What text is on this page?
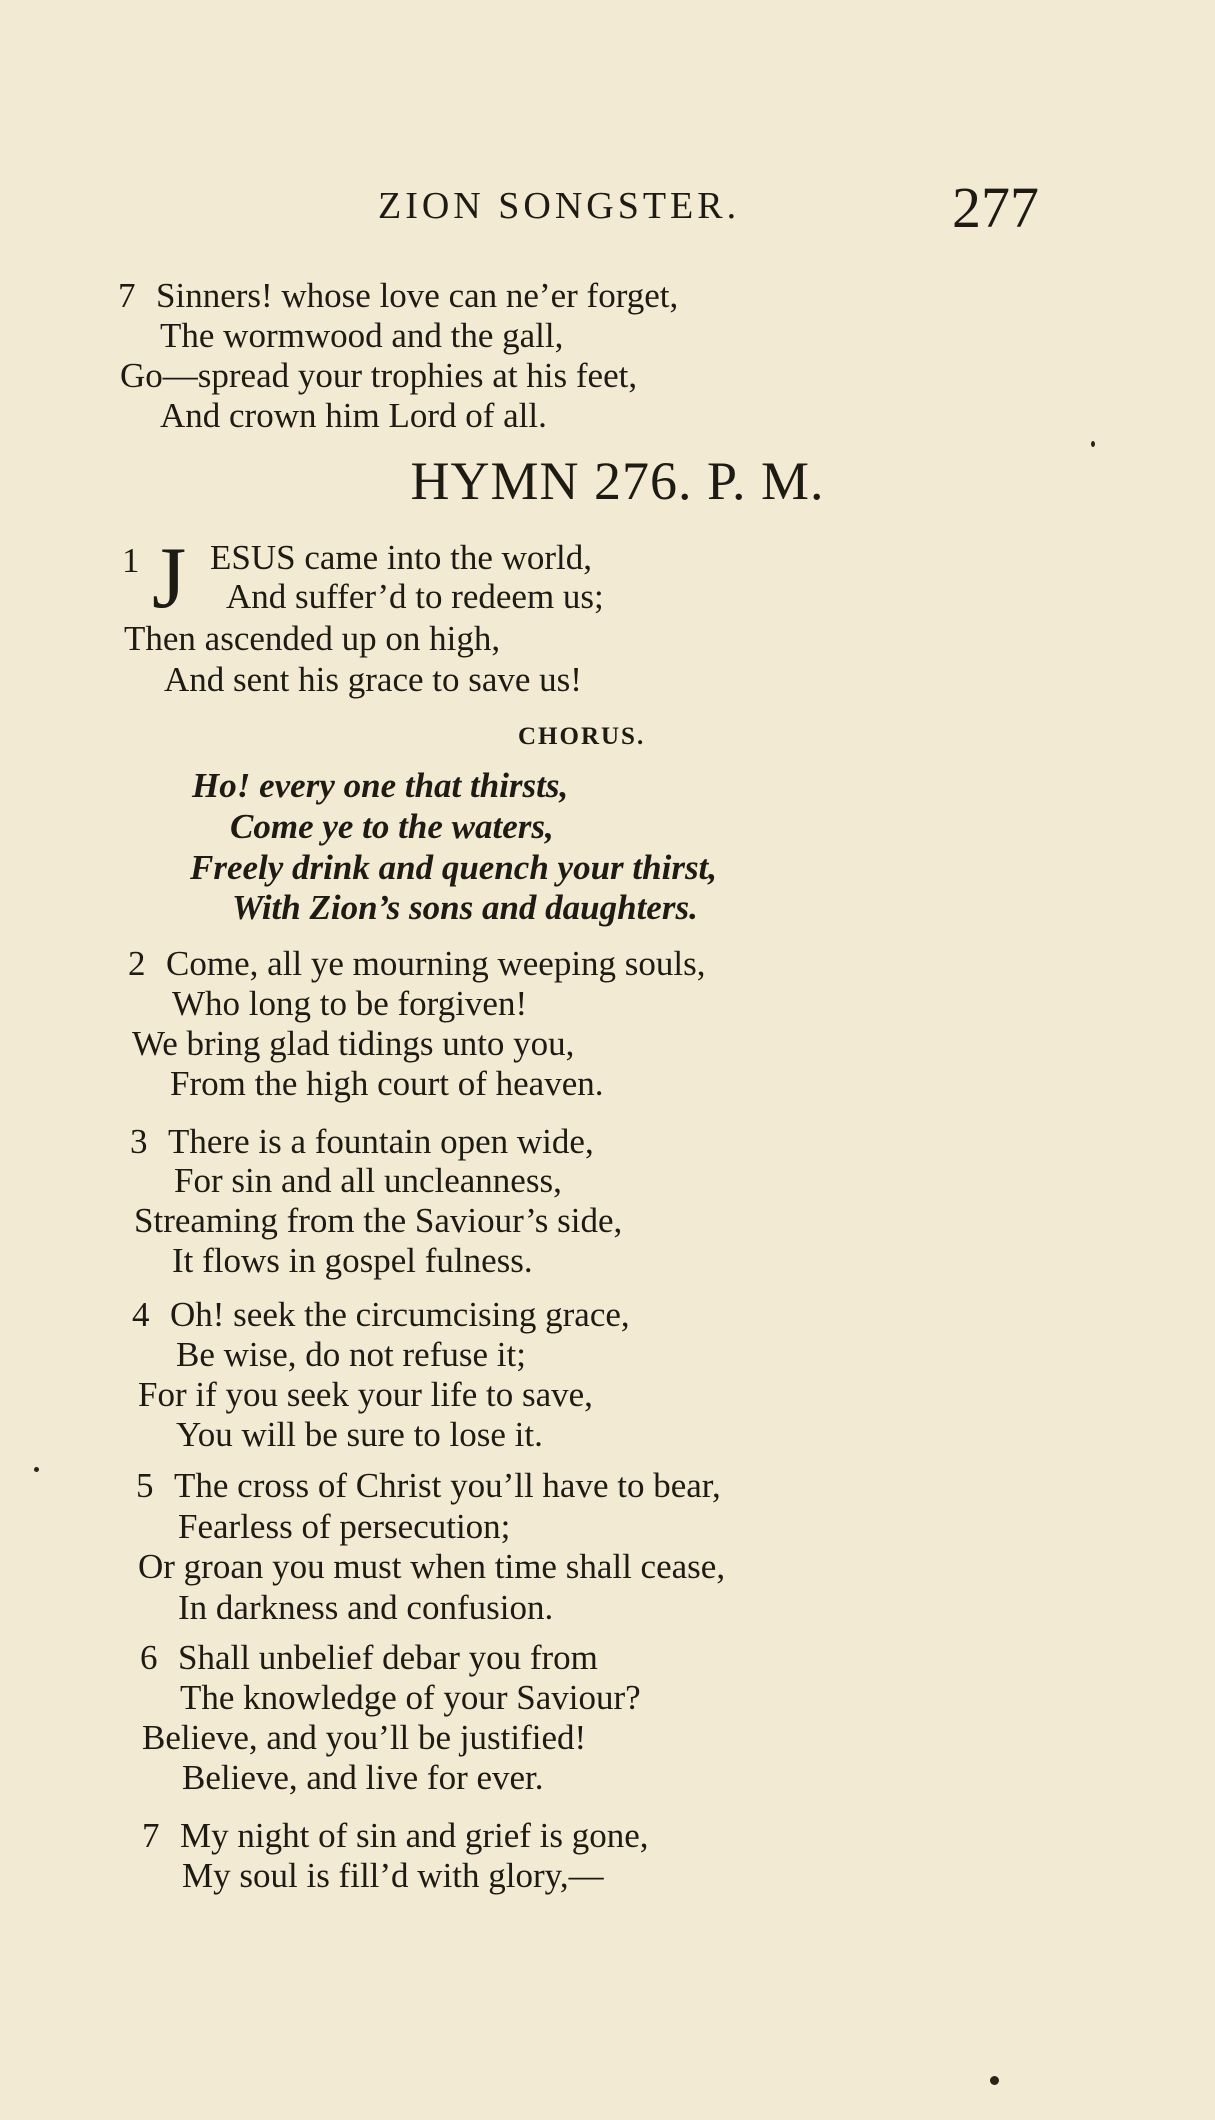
ZION SONGSTER.	277
7 Sinners! whose love can ne’er forget,
The wormwood and the gall,
Go—spread your trophies at his feet,
And crown him Lord of all.
HYMN 276. P. M.
1 J ESUS came into the world,
And suffer’d to redeem us;
Then ascended up on high,
And sent his grace to save us!
CHORUS.
Ho! every one that thirsts,
Come ye to the waters,
Freely drink and quench your thirst,
With Zion’s sons and daughters.
2 Come, all ye mourning weeping souls,
Who long to be forgiven!
We bring glad tidings unto you,
From the high court of heaven.
3 There is a fountain open wide,
For sin and all uncleanness,
Streaming from the Saviour’s side,
It flows in gospel fulness.
4 Oh! seek the circumcising grace,
Be wise, do not refuse it;
For if you seek your life to save,
You will be sure to lose it.
5 The cross of Christ you’ll have to bear,
Fearless of persecution;
Or groan you must when time shall cease,
In darkness and confusion.
6 Shall unbelief debar you from
The knowledge of your Saviour?
Believe, and you’ll be justified!
Believe, and live for ever.
7 My night of sin and grief is gone,
My soul is fill’d with glory,—
